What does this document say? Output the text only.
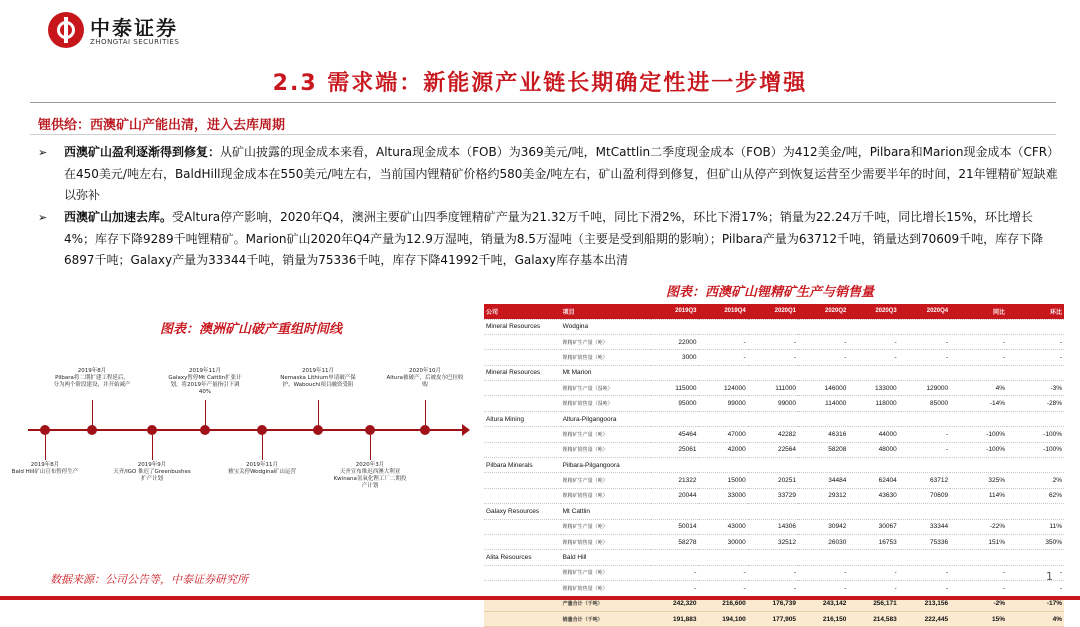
中泰证券
ZHONGTAI SECURITIES
2.3 需求端：新能源产业链长期确定性进一步增强
锂供给：西澳矿山产能出清，进入去库周期
➢ 西澳矿山盈利逐渐得到修复：从矿山披露的现金成本来看，Altura现金成本（FOB）为369美元/吨，MtCattlin二季度现金成本（FOB）为412美金/吨，Pilbara和Marion现金成本（CFR）在450美元/吨左右，BaldHill现金成本在550美元/吨左右，当前国内锂精矿价格约580美金/吨左右，矿山盈利得到修复，但矿山从停产到恢复运营至少需要半年的时间，21年锂精矿短缺难以弥补
➢ 西澳矿山加速去库。受Altura停产影响，2020年Q4，澳洲主要矿山四季度锂精矿产量为21.32万千吨，同比下滑2%，环比下滑17%；销量为22.24万千吨，同比增长15%，环比增长4%；库存下降9289千吨锂精矿。Marion矿山2020年Q4产量为12.9万湿吨，销量为8.5万湿吨（主要是受到船期的影响）；Pilbara产量为63712千吨，销量达到70609千吨，库存下降6897千吨；Galaxy产量为33344千吨，销量为75336千吨，库存下降41992千吨，Galaxy库存基本出清
图表：澳洲矿山破产重组时间线
2019年8月
Bald Hill矿山宣布暂停生产
2019年8月
Pilbara将二期扩建工程延后，分为两个阶段建设，并开始减产
2019年9月
天齐/IGO 推迟了Greenbushes扩产计划
2019年11月
Galaxy暂停Mt Cattlin扩张计划，将2019年产量指引下调40%
2019年11月
雅宝关停Wodgina矿山运营
2019年11月
Nemaska Lithium申请破产保护，Wabouchi项目融资受阻
2020年3月
天齐宣布推迟西澳大利亚Kwinana氢氧化锂工厂二期投产计划
2020年10月
Altura被破产，后被皮尔巴拉收购
图表：西澳矿山锂精矿生产与销售量
公司	项目	2019Q3	2019Q4	2020Q1	2020Q2	2020Q3	2020Q4	同比	环比
Mineral Resources	Wodgina								
	锂精矿生产量（吨）	22000	-	-	-	-	-	-	-
	锂精矿销售量（吨）	3000	-	-	-	-	-	-	-
Mineral Resources	Mt Marion								
	锂精矿生产量（湿吨）	115000	124000	111000	146000	133000	129000	4%	-3%
	锂精矿销售量（湿吨）	95000	99000	99000	114000	118000	85000	-14%	-28%
Altura Mining	Altura-Pilgangoora								
	锂精矿生产量（吨）	45464	47000	42282	46316	44000	-	-100%	-100%
	锂精矿销售量（吨）	25061	42000	22564	58208	48000	-	-100%	-100%
Pilbara Minerals	Pilbara-Pilgangoora								
	锂精矿生产量（吨）	21322	15000	20251	34484	62404	63712	325%	2%
	锂精矿销售量（吨）	20044	33000	33729	29312	43630	70609	114%	62%
Galaxy Resources	Mt Cattlin								
	锂精矿生产量（吨）	50014	43000	14306	30942	30067	33344	-22%	11%
	锂精矿销售量（吨）	58278	30000	32512	26030	16753	75336	151%	350%
Alita Resources	Bald Hill								
	锂精矿生产量（吨）	-	-	-	-	-	-	-	-
	锂精矿销售量（吨）	-	-	-	-	-	-	-	-
	产量合计（千吨）	242,320	216,600	176,739	243,142	256,171	213,156	-2%	-17%
	销量合计（千吨）	191,883	194,100	177,905	216,150	214,583	222,445	15%	4%
数据来源：公司公告等，中泰证券研究所	1
